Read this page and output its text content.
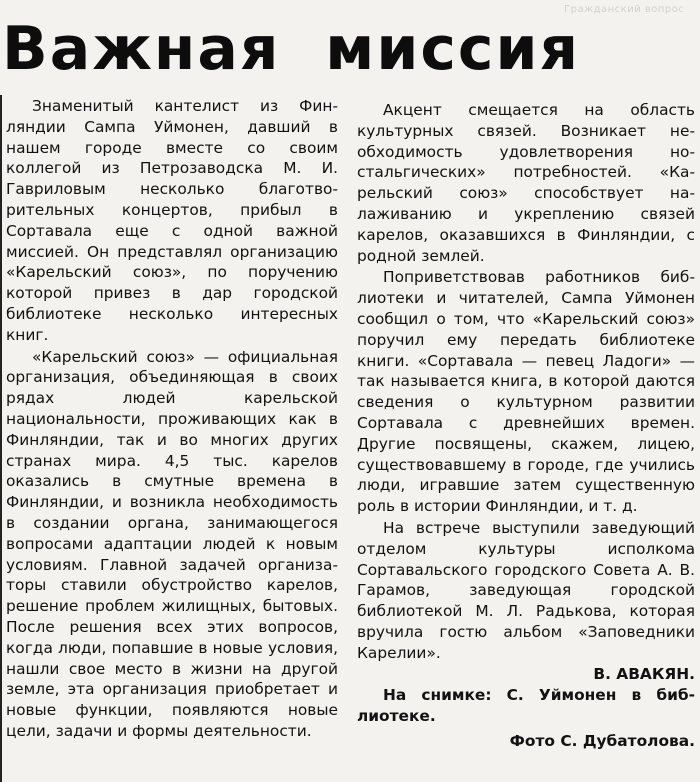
Гражданский вопрос
Важная миссия

Знаменитый кантелист из Финляндии Сампа Уймонен, давший в нашем городе вместе со своим коллегой из Петрозаводска М. И. Гавриловым несколько благотворительных концертов, прибыл в Сортавала еще с одной важной миссией. Он представлял организацию «Карельский союз», по поручению которой привез в дар городской библиотеке несколько интересных книг.

«Карельский союз» — официальная организация, объединяющая в своих рядах людей карельской национальности, проживающих как в Финляндии, так и во многих других странах мира. 4,5 тыс. карелов оказались в смутные времена в Финляндии, и возникла необходимость в создании органа, занимающегося вопросами адаптации людей к новым условиям. Главной задачей организаторы ставили обустройство карелов, решение проблем жилищных, бытовых. После решения всех этих вопросов, когда люди, попавшие в новые условия, нашли свое место в жизни на другой земле, эта организация приобретает и новые функции, появляются новые цели, задачи и формы деятельности.

Акцент смещается на область культурных связей. Возникает необходимость удовлетворения ностальгических» потребностей. «Карельский союз» способствует налаживанию и укреплению связей карелов, оказавшихся в Финляндии, с родной землей.

Поприветствовав работников библиотеки и читателей, Сампа Уймонен сообщил о том, что «Карельский союз» поручил ему передать библиотеке книги. «Сортавала — певец Ладоги» — так называется книга, в которой даются сведения о культурном развитии Сортавала с древнейших времен. Другие посвящены, скажем, лицею, существовавшему в городе, где учились люди, игравшие затем существенную роль в истории Финляндии, и т. д.

На встрече выступили заведующий отделом культуры исполкома Сортавальского городского Совета А. В. Гарамов, заведующая городской библиотекой М. Л. Радькова, которая вручила гостю альбом «Заповедники Карелии».

В. АВАКЯН.

На снимке: С. Уймонен в библиотеке.

Фото С. Дубатолова.
